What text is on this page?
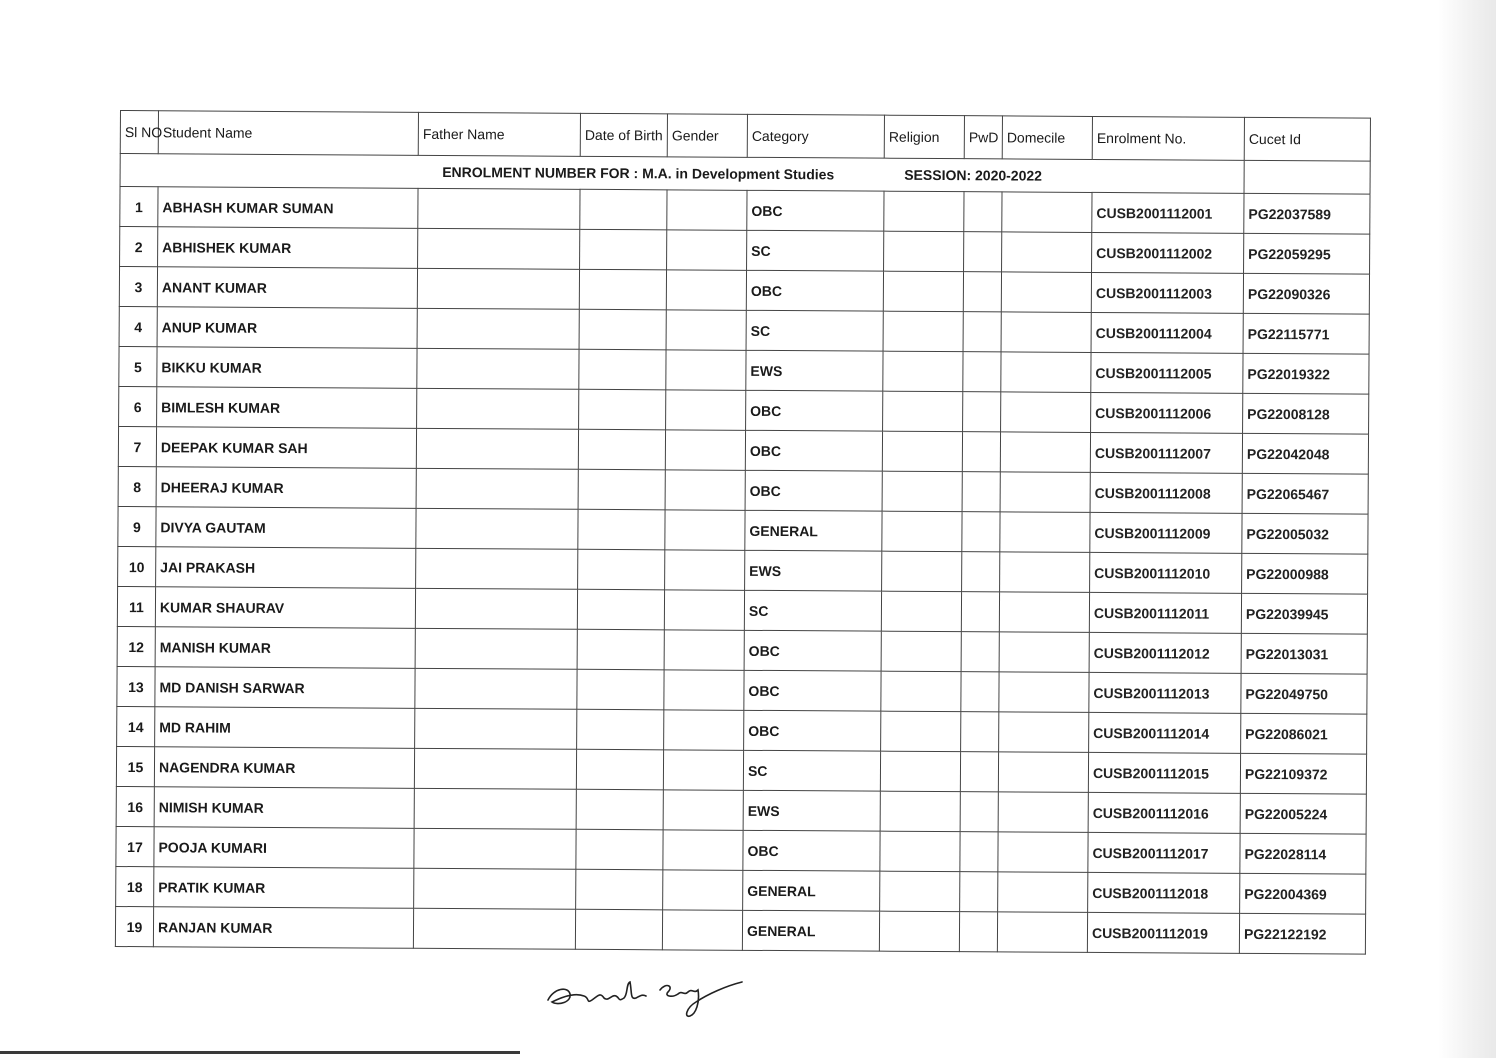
Sl NO	Student Name	Father Name	Date of Birth	Gender	Category	Religion	PwD	Domecile	Enrolment No.	Cucet Id

ENROLMENT NUMBER FOR : M.A. in Development Studies SESSION: 2020-2022										

1	ABHASH KUMAR SUMAN				OBC				CUSB2001112001	PG22037589
2	ABHISHEK KUMAR				SC				CUSB2001112002	PG22059295
3	ANANT KUMAR				OBC				CUSB2001112003	PG22090326
4	ANUP KUMAR				SC				CUSB2001112004	PG22115771
5	BIKKU KUMAR				EWS				CUSB2001112005	PG22019322
6	BIMLESH KUMAR				OBC				CUSB2001112006	PG22008128
7	DEEPAK KUMAR SAH				OBC				CUSB2001112007	PG22042048
8	DHEERAJ KUMAR				OBC				CUSB2001112008	PG22065467
9	DIVYA GAUTAM				GENERAL				CUSB2001112009	PG22005032
10	JAI PRAKASH				EWS				CUSB2001112010	PG22000988
11	KUMAR SHAURAV				SC				CUSB2001112011	PG22039945
12	MANISH KUMAR				OBC				CUSB2001112012	PG22013031
13	MD DANISH SARWAR				OBC				CUSB2001112013	PG22049750
14	MD RAHIM				OBC				CUSB2001112014	PG22086021
15	NAGENDRA KUMAR				SC				CUSB2001112015	PG22109372
16	NIMISH KUMAR				EWS				CUSB2001112016	PG22005224
17	POOJA KUMARI				OBC				CUSB2001112017	PG22028114
18	PRATIK KUMAR				GENERAL				CUSB2001112018	PG22004369
19	RANJAN KUMAR				GENERAL				CUSB2001112019	PG22122192
